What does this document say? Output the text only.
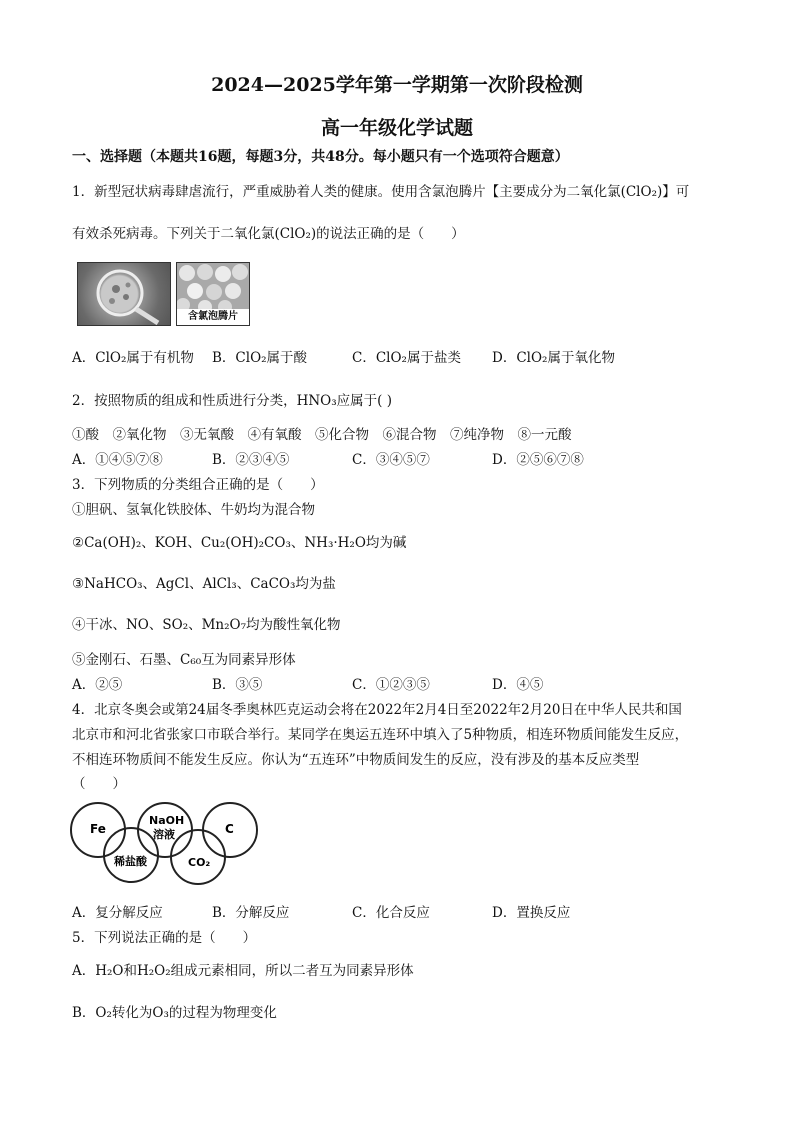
2024—2025学年第一学期第一次阶段检测
高一年级化学试题
一、选择题（本题共16题，每题3分，共48分。每小题只有一个选项符合题意）
1．新型冠状病毒肆虐流行，严重威胁着人类的健康。使用含氯泡腾片【主要成分为二氧化氯(ClO₂)】可
有效杀死病毒。下列关于二氧化氯(ClO₂)的说法正确的是（　　）
含氯泡腾片
A．ClO₂属于有机物 B．ClO₂属于酸	C．ClO₂属于盐类 D．ClO₂属于氧化物
2．按照物质的组成和性质进行分类，HNO₃应属于( )
①酸　②氧化物　③无氧酸　④有氧酸　⑤化合物　⑥混合物　⑦纯净物　⑧一元酸
A．①④⑤⑦⑧	B．②③④⑤	C．③④⑤⑦	D．②⑤⑥⑦⑧
3．下列物质的分类组合正确的是（　　）
①胆矾、氢氧化铁胶体、牛奶均为混合物
②Ca(OH)₂、KOH、Cu₂(OH)₂CO₃、NH₃·H₂O均为碱
③NaHCO₃、AgCl、AlCl₃、CaCO₃均为盐
④干冰、NO、SO₂、Mn₂O₇均为酸性氧化物
⑤金刚石、石墨、C₆₀互为同素异形体
A．②⑤	B．③⑤	C．①②③⑤	D．④⑤
4．北京冬奥会或第24届冬季奥林匹克运动会将在2022年2月4日至2022年2月20日在中华人民共和国
北京市和河北省张家口市联合举行。某同学在奥运五连环中填入了5种物质，相连环物质间能发生反应，
不相连环物质间不能发生反应。你认为“五连环”中物质间发生的反应，没有涉及的基本反应类型
（　　）
Fe
NaOH
溶液	C
稀盐酸	CO₂
A．复分解反应	B．分解反应	C．化合反应	D．置换反应
5．下列说法正确的是（　　）
A．H₂O和H₂O₂组成元素相同，所以二者互为同素异形体
B．O₂转化为O₃的过程为物理变化
